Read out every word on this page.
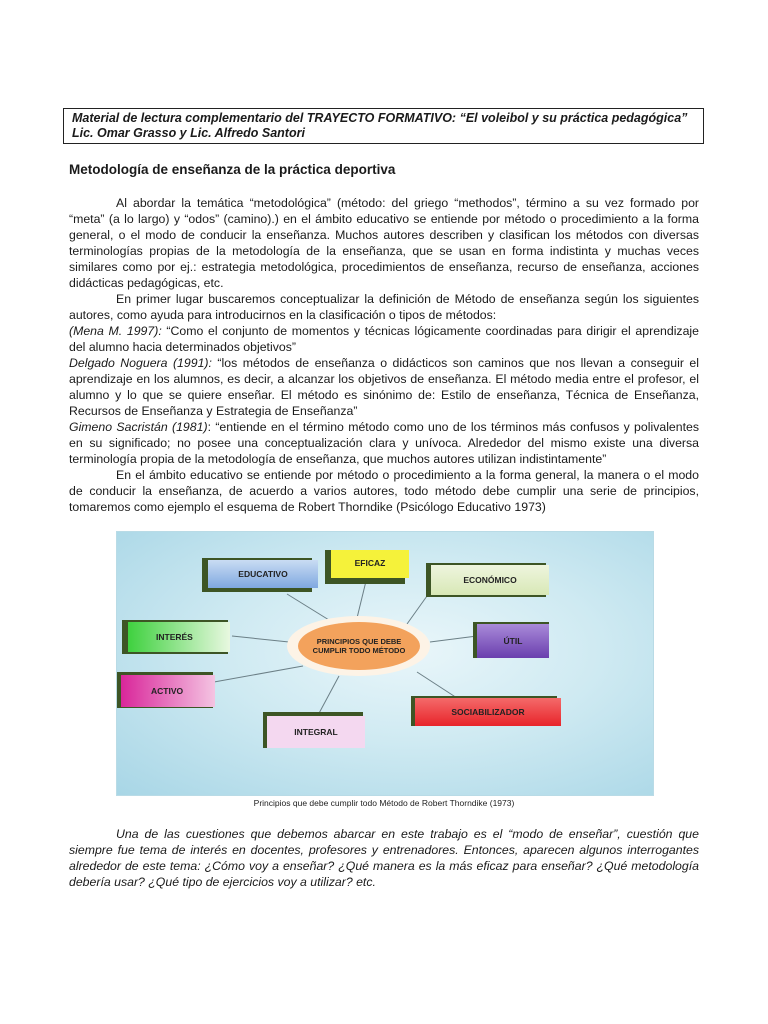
Material de lectura complementario del TRAYECTO FORMATIVO: “El voleibol y su práctica pedagógica”
Lic. Omar Grasso y Lic. Alfredo Santori
Metodología de enseñanza de la práctica deportiva

Al abordar la temática “metodológica” (método: del griego “methodos”, término a su vez formado por “meta” (a lo largo) y “odos” (camino).) en el ámbito educativo se entiende por método o procedimiento a la forma general, o el modo de conducir la enseñanza. Muchos autores describen y clasifican los métodos con diversas terminologías propias de la metodología de la enseñanza, que se usan en forma indistinta y muchas veces similares como por ej.: estrategia metodológica, procedimientos de enseñanza, recurso de enseñanza, acciones didácticas pedagógicas, etc.

En primer lugar buscaremos conceptualizar la definición de Método de enseñanza según los siguientes autores, como ayuda para introducirnos en la clasificación o tipos de métodos:

(Mena M. 1997): “Como el conjunto de momentos y técnicas lógicamente coordinadas para dirigir el aprendizaje del alumno hacia determinados objetivos”

Delgado Noguera (1991): “los métodos de enseñanza o didácticos son caminos que nos llevan a conseguir el aprendizaje en los alumnos, es decir, a alcanzar los objetivos de enseñanza. El método media entre el profesor, el alumno y lo que se quiere enseñar. El método es sinónimo de: Estilo de enseñanza, Técnica de Enseñanza, Recursos de Enseñanza y Estrategia de Enseñanza”

Gimeno Sacristán (1981): “entiende en el término método como uno de los términos más confusos y polivalentes en su significado; no posee una conceptualización clara y unívoca. Alrededor del mismo existe una diversa terminología propia de la metodología de enseñanza, que muchos autores utilizan indistintamente”

En el ámbito educativo se entiende por método o procedimiento a la forma general, la manera o el modo de conducir la enseñanza, de acuerdo a varios autores, todo método debe cumplir una serie de principios, tomaremos como ejemplo el esquema de Robert Thorndike (Psicólogo Educativo 1973)

PRINCIPIOS QUE DEBE CUMPLIR TODO MÉTODO
EDUCATIVO
EFICAZ
ECONÓMICO
INTERÉS	ÚTIL
ACTIVO
SOCIABILIZADOR
INTEGRAL
Principios que debe cumplir todo Método de Robert Thorndike (1973)

Una de las cuestiones que debemos abarcar en este trabajo es el “modo de enseñar”, cuestión que siempre fue tema de interés en docentes, profesores y entrenadores. Entonces, aparecen algunos interrogantes alrededor de este tema: ¿Cómo voy a enseñar? ¿Qué manera es la más eficaz para enseñar? ¿Qué metodología debería usar? ¿Qué tipo de ejercicios voy a utilizar? etc.
